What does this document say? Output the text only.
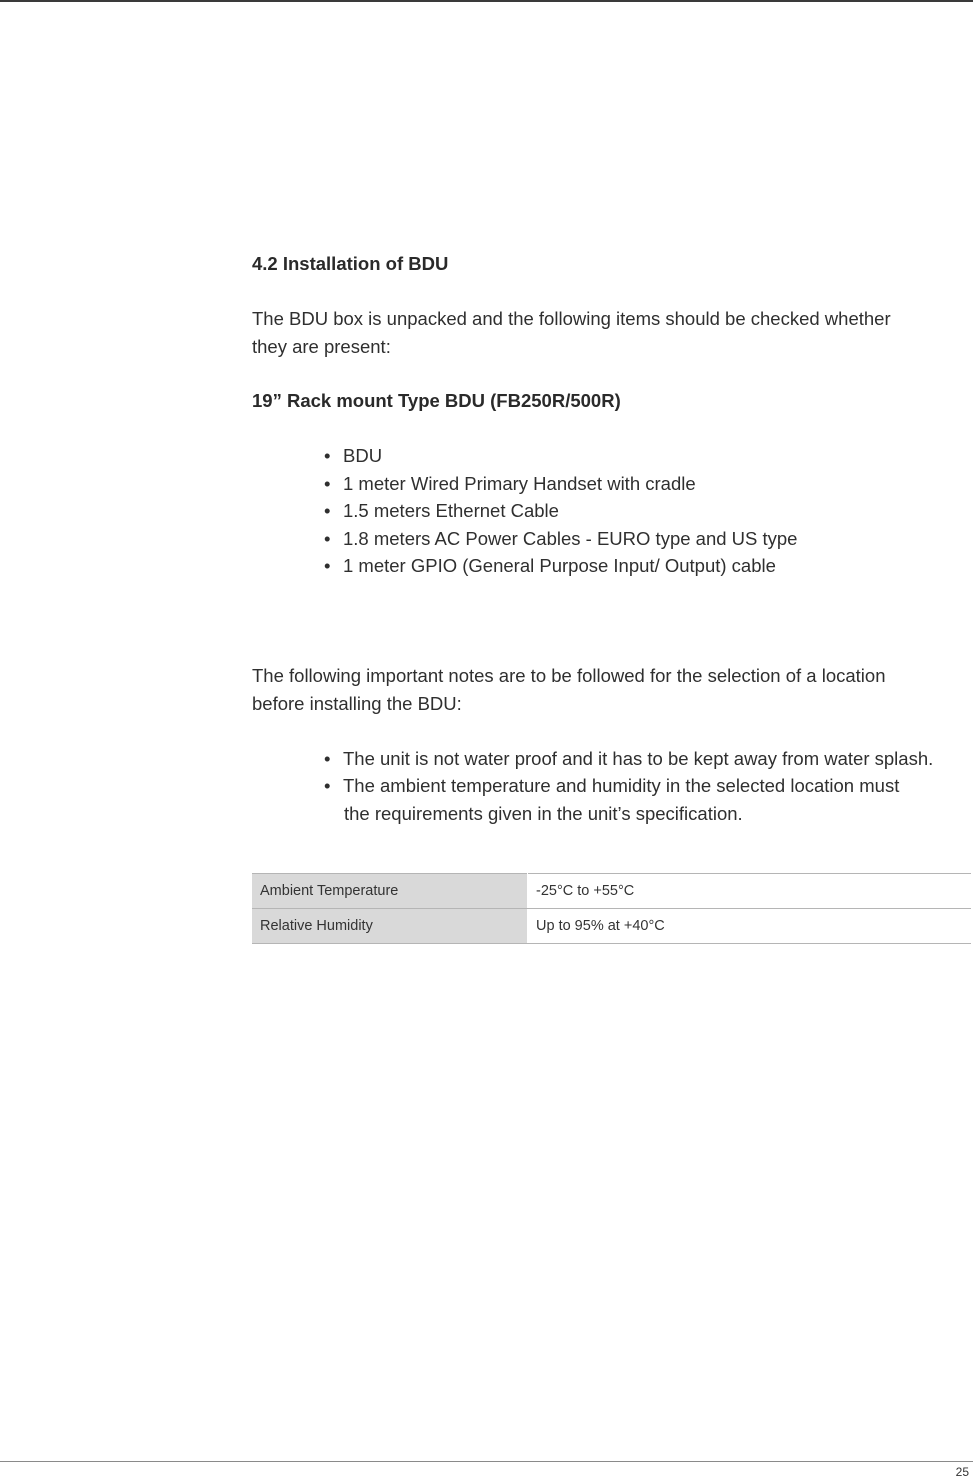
4.2 Installation of BDU

The BDU box is unpacked and the following items should be checked whether
they are present:

19” Rack mount Type BDU (FB250R/500R)
• BDU
• 1 meter Wired Primary Handset with cradle
• 1.5 meters Ethernet Cable
• 1.8 meters AC Power Cables - EURO type and US type
• 1 meter GPIO (General Purpose Input/ Output) cable

The following important notes are to be followed for the selection of a location
before installing the BDU:

• The unit is not water proof and it has to be kept away from water splash.
• The ambient temperature and humidity in the selected location must
the requirements given in the unit’s specification.
Ambient Temperature	-25°C to +55°C
Relative Humidity	Up to 95% at +40°C
25
